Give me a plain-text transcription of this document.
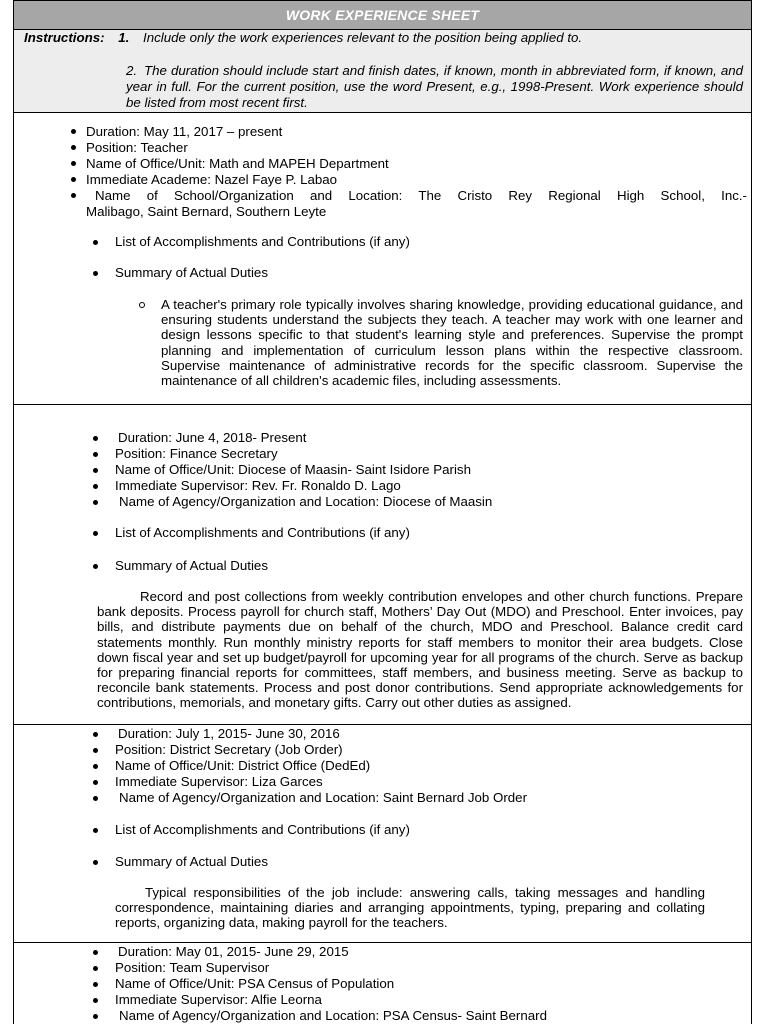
WORK EXPERIENCE SHEET
Instructions: 1. Include only the work experiences relevant to the position being applied to.
2. The duration should include start and finish dates, if known, month in abbreviated form, if known, and year in full. For the current position, use the word Present, e.g., 1998-Present. Work experience should be listed from most recent first.
Duration: May 11, 2017 – present
Position: Teacher
Name of Office/Unit: Math and MAPEH Department
Immediate Academe: Nazel Faye P. Labao
Name of School/Organization and Location: The Cristo Rey Regional High School, Inc.-
Malibago, Saint Bernard, Southern Leyte
List of Accomplishments and Contributions (if any)
Summary of Actual Duties
A teacher's primary role typically involves sharing knowledge, providing educational guidance, and ensuring students understand the subjects they teach. A teacher may work with one learner and design lessons specific to that student's learning style and preferences. Supervise the prompt planning and implementation of curriculum lesson plans within the respective classroom. Supervise maintenance of administrative records for the specific classroom. Supervise the maintenance of all children's academic files, including assessments.
Duration: June 4, 2018- Present
Position: Finance Secretary
Name of Office/Unit: Diocese of Maasin- Saint Isidore Parish
Immediate Supervisor: Rev. Fr. Ronaldo D. Lago
Name of Agency/Organization and Location: Diocese of Maasin
List of Accomplishments and Contributions (if any)
Summary of Actual Duties
Record and post collections from weekly contribution envelopes and other church functions. Prepare bank deposits. Process payroll for church staff, Mothers’ Day Out (MDO) and Preschool. Enter invoices, pay bills, and distribute payments due on behalf of the church, MDO and Preschool. Balance credit card statements monthly. Run monthly ministry reports for staff members to monitor their area budgets. Close down fiscal year and set up budget/payroll for upcoming year for all programs of the church. Serve as backup for preparing financial reports for committees, staff members, and business meeting. Serve as backup to reconcile bank statements. Process and post donor contributions. Send appropriate acknowledgements for contributions, memorials, and monetary gifts. Carry out other duties as assigned.
Duration: July 1, 2015- June 30, 2016
Position: District Secretary (Job Order)
Name of Office/Unit: District Office (DedEd)
Immediate Supervisor: Liza Garces
Name of Agency/Organization and Location: Saint Bernard Job Order
List of Accomplishments and Contributions (if any)
Summary of Actual Duties
Typical responsibilities of the job include: answering calls, taking messages and handling correspondence, maintaining diaries and arranging appointments, typing, preparing and collating reports, organizing data, making payroll for the teachers.
Duration: May 01, 2015- June 29, 2015
Position: Team Supervisor
Name of Office/Unit: PSA Census of Population
Immediate Supervisor: Alfie Leorna
Name of Agency/Organization and Location: PSA Census- Saint Bernard
